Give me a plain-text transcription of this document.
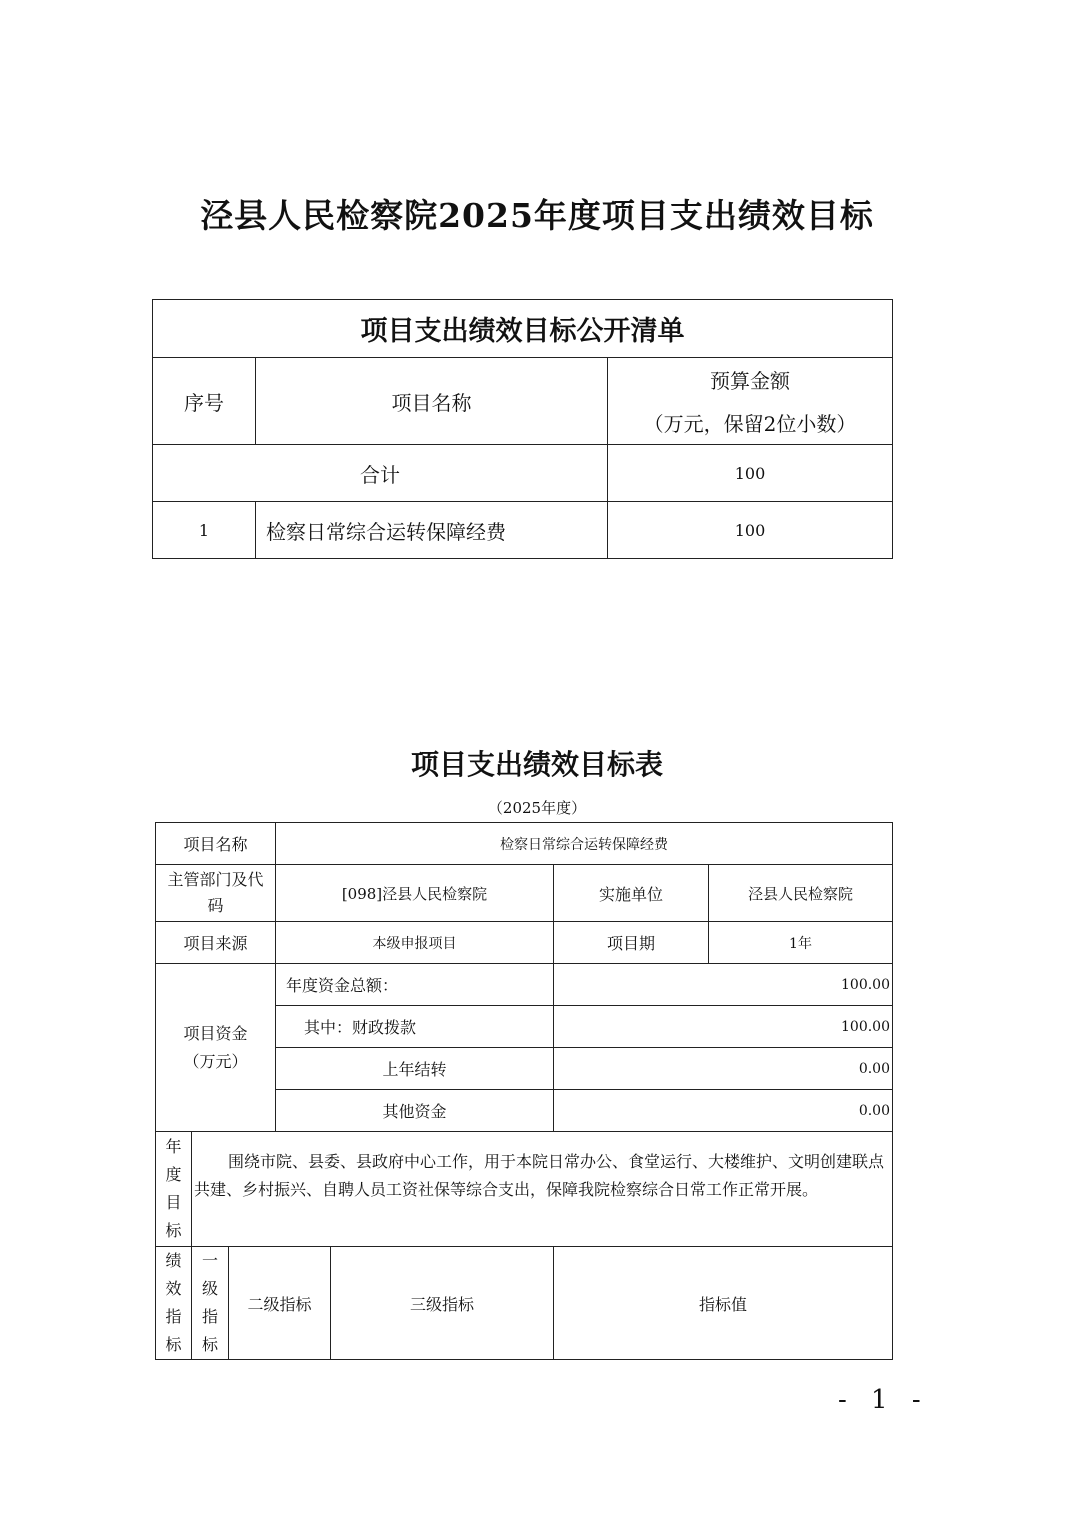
泾县人民检察院2025年度项目支出绩效目标
项目支出绩效目标公开清单		
序号	项目名称	预算金额
（万元，保留2位小数）

合计		100
1	检察日常综合运转保障经费	100
项目支出绩效目标表
（2025年度）
项目名称			检察日常综合运转保障经费			
主管部门及代码			[098]泾县人民检察院		实施单位	泾县人民检察院
项目来源			本级申报项目		项目期	1年
项目资金
（万元）			年度资金总额：		100.00	
			其中：财政拨款		100.00	
			上年结转		0.00	
			其他资金		0.00	
年
度
目
标	围绕市院、县委、县政府中心工作，用于本院日常办公、食堂运行、大楼维护、文明创建联点共建、乡村振兴、自聘人员工资社保等综合支出，保障我院检察综合日常工作正常开展。					
绩
效
指
标	一
级
指
标	二级指标		三级指标	指标值	
- 1 -
